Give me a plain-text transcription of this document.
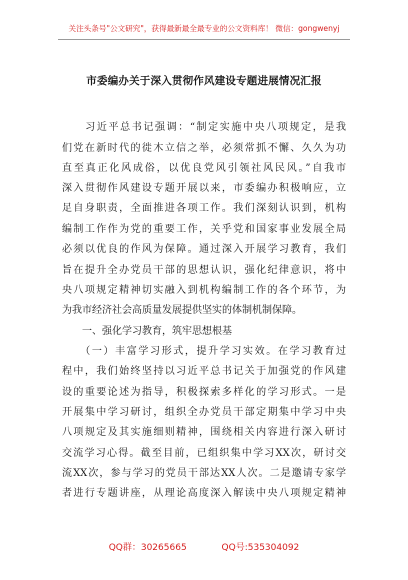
关注头条号"公文研究"，获得最新最全最专业的公文资料库！ 微信：gongwenyj
市委编办关于深入贯彻作风建设专题进展情况汇报
　　习近平总书记强调：“制定实施中央八项规定，是我
们党在新时代的徙木立信之举，必须常抓不懈、久久为功
直至真正化风成俗，以优良党风引领社风民风。”自我市
深入贯彻作风建设专题开展以来，市委编办积极响应，立
足自身职责，全面推进各项工作。我们深刻认识到，机构
编制工作作为党的重要工作，关乎党和国家事业发展全局
必须以优良的作风为保障。通过深入开展学习教育，我们
旨在提升全办党员干部的思想认识，强化纪律意识，将中
央八项规定精神切实融入到机构编制工作的各个环节，为
为我市经济社会高质量发展提供坚实的体制机制保障。
　　一、强化学习教育，筑牢思想根基
　　（一）丰富学习形式，提升学习实效。在学习教育过
程中，我们始终坚持以习近平总书记关于加强党的作风建
设的重要论述为指导，积极探索多样化的学习形式。一是
开展集中学习研讨，组织全办党员干部定期集中学习中央
八项规定及其实施细则精神，围绕相关内容进行深入研讨
交流学习心得。截至目前，已组织集中学习XX次，研讨交
流XX次，参与学习的党员干部达XX人次。二是邀请专家学
者进行专题讲座，从理论高度深入解读中央八项规定精神
QQ群：30265665	QQ号:535304092
